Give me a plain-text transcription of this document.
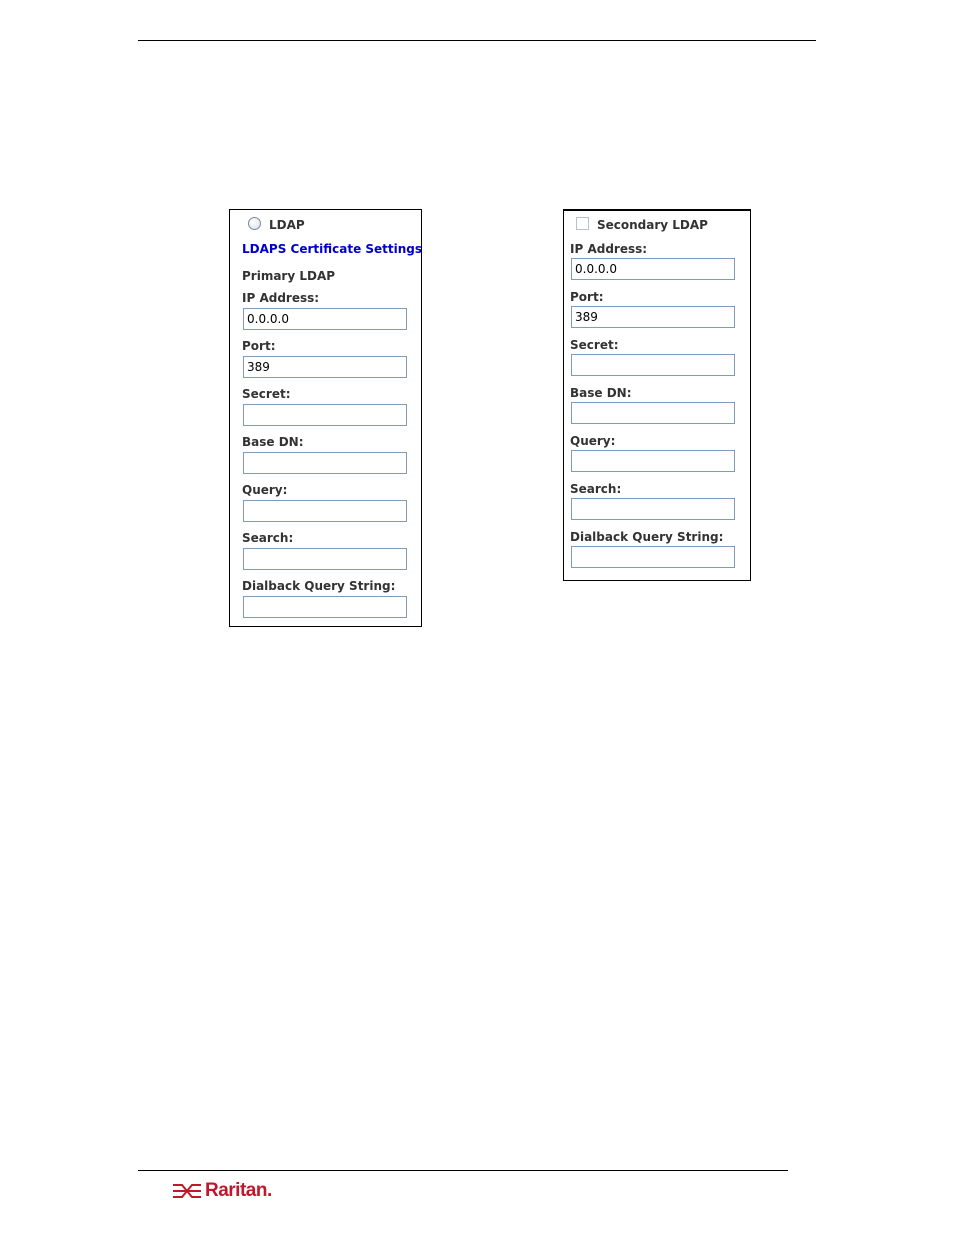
LDAP
LDAPS Certificate Settings
Primary LDAP
IP Address:
0.0.0.0
Port:
389
Secret:
Base DN:
Query:
Search:
Dialback Query String:
Secondary LDAP
IP Address:
0.0.0.0
Port:
389
Secret:
Base DN:
Query:
Search:
Dialback Query String:
Raritan.
